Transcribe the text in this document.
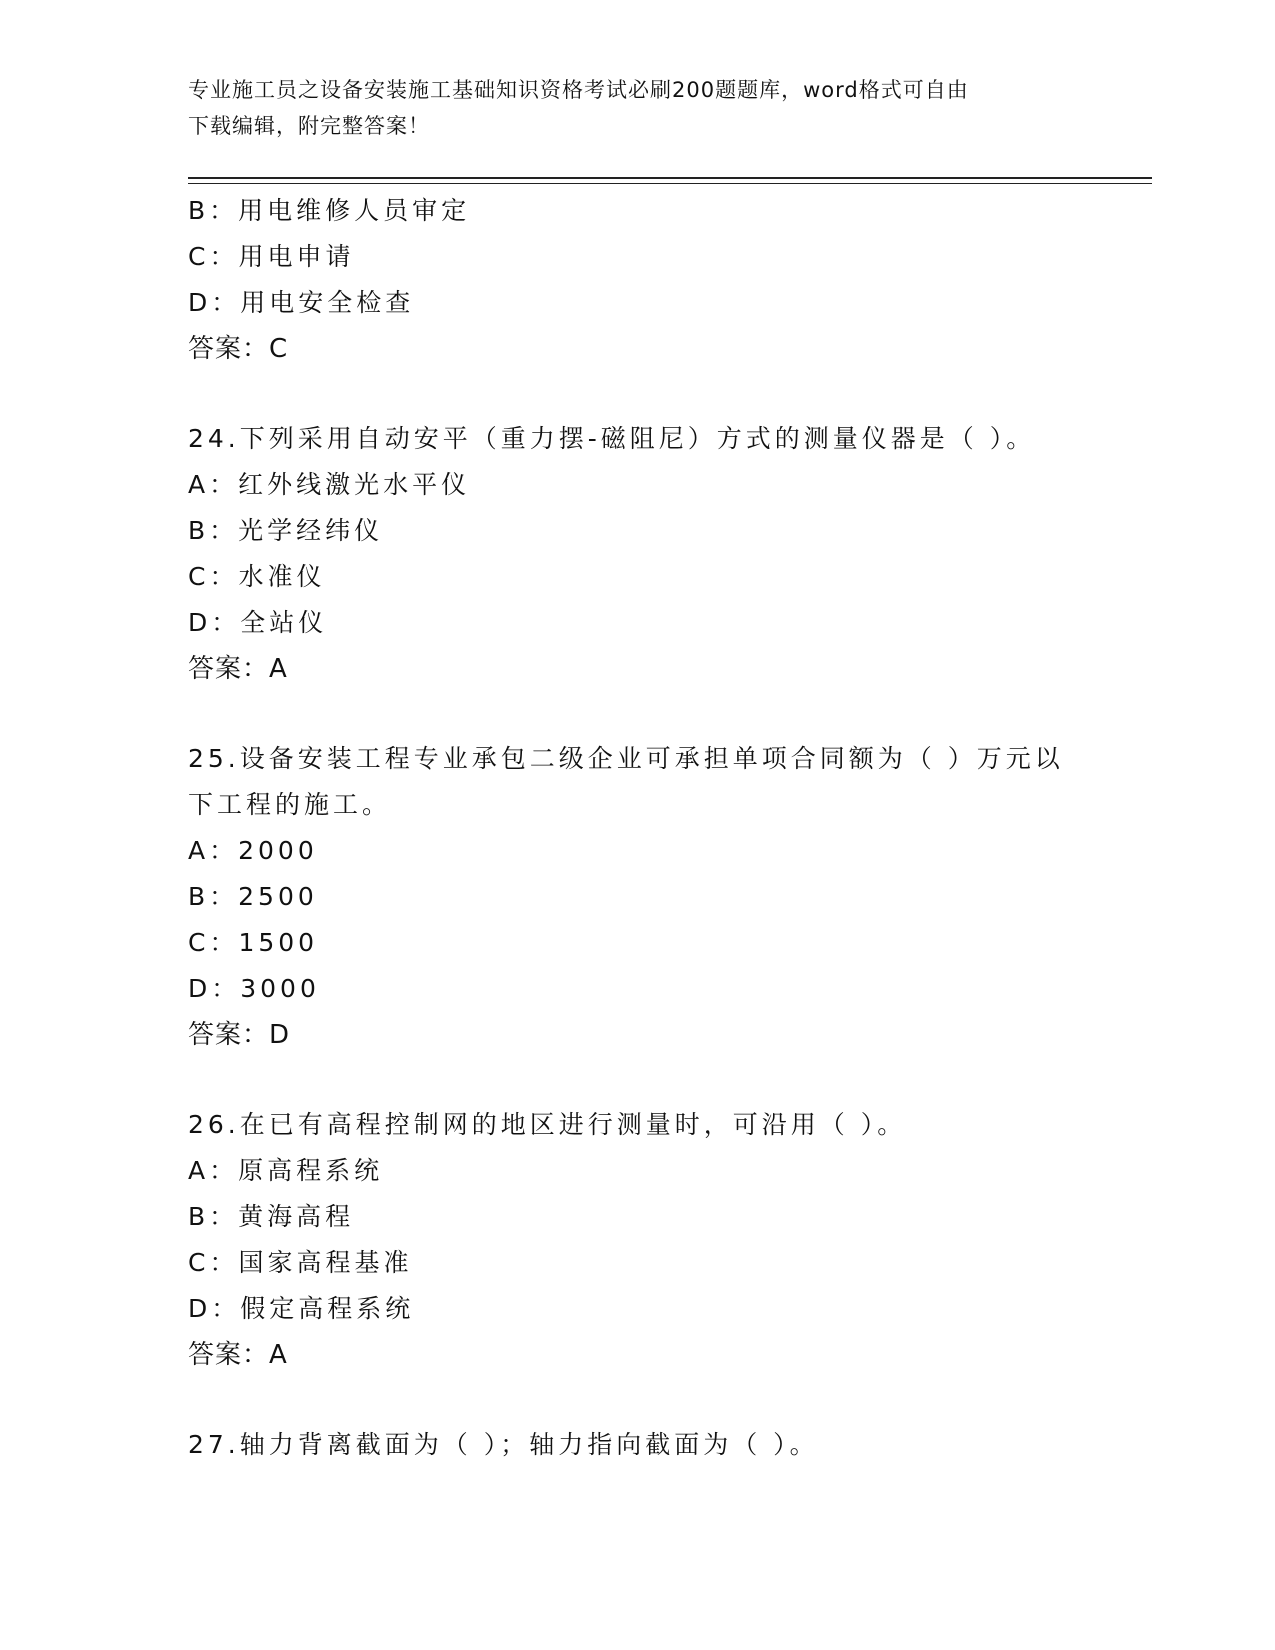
专业施工员之设备安装施工基础知识资格考试必刷200题题库，word格式可自由
下载编辑，附完整答案！
B：用电维修人员审定
C：用电申请
D：用电安全检查
答案：C
24.下列采用自动安平（重力摆-磁阻尼）方式的测量仪器是（ ）。
A：红外线激光水平仪
B：光学经纬仪
C：水准仪
D：全站仪
答案：A
25.设备安装工程专业承包二级企业可承担单项合同额为（ ）万元以
下工程的施工。
A：2000
B：2500
C：1500
D：3000
答案：D
26.在已有高程控制网的地区进行测量时，可沿用（ ）。
A：原高程系统
B：黄海高程
C：国家高程基准
D：假定高程系统
答案：A
27.轴力背离截面为（ ）；轴力指向截面为（ ）。
